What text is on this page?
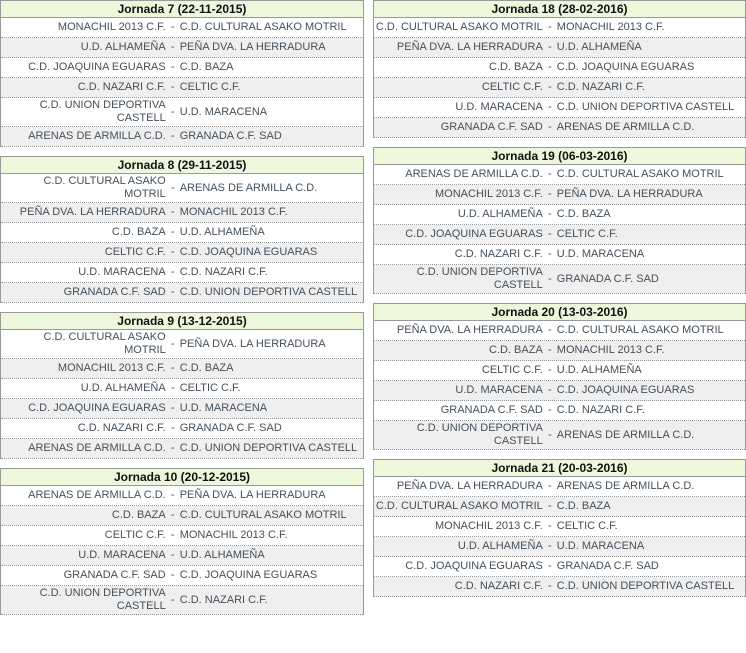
Jornada 7 (22-11-2015)
MONACHIL 2013 C.F. - C.D. CULTURAL ASAKO MOTRIL
U.D. ALHAMEÑA - PEÑA DVA. LA HERRADURA
C.D. JOAQUINA EGUARAS - C.D. BAZA
C.D. NAZARI C.F. - CELTIC C.F.
C.D. UNION DEPORTIVA CASTELL
- U.D. MARACENA
ARENAS DE ARMILLA C.D. - GRANADA C.F. SAD
Jornada 8 (29-11-2015)
C.D. CULTURAL ASAKO MOTRIL
- ARENAS DE ARMILLA C.D.
PEÑA DVA. LA HERRADURA - MONACHIL 2013 C.F.
C.D. BAZA - U.D. ALHAMEÑA
CELTIC C.F. - C.D. JOAQUINA EGUARAS
U.D. MARACENA - C.D. NAZARI C.F.
GRANADA C.F. SAD - C.D. UNION DEPORTIVA CASTELL
Jornada 9 (13-12-2015)
C.D. CULTURAL ASAKO MOTRIL
- PEÑA DVA. LA HERRADURA
MONACHIL 2013 C.F. - C.D. BAZA
U.D. ALHAMEÑA - CELTIC C.F.
C.D. JOAQUINA EGUARAS - U.D. MARACENA
C.D. NAZARI C.F. - GRANADA C.F. SAD
ARENAS DE ARMILLA C.D. - C.D. UNION DEPORTIVA CASTELL
Jornada 10 (20-12-2015)
ARENAS DE ARMILLA C.D. - PEÑA DVA. LA HERRADURA
C.D. BAZA - C.D. CULTURAL ASAKO MOTRIL
CELTIC C.F. - MONACHIL 2013 C.F.
U.D. MARACENA - U.D. ALHAMEÑA
GRANADA C.F. SAD - C.D. JOAQUINA EGUARAS
C.D. UNION DEPORTIVA CASTELL
- C.D. NAZARI C.F.
Jornada 18 (28-02-2016)
C.D. CULTURAL ASAKO MOTRIL - MONACHIL 2013 C.F.
PEÑA DVA. LA HERRADURA - U.D. ALHAMEÑA
C.D. BAZA - C.D. JOAQUINA EGUARAS
CELTIC C.F. - C.D. NAZARI C.F.
U.D. MARACENA - C.D. UNION DEPORTIVA CASTELL
GRANADA C.F. SAD - ARENAS DE ARMILLA C.D.
Jornada 19 (06-03-2016)
ARENAS DE ARMILLA C.D. - C.D. CULTURAL ASAKO MOTRIL
MONACHIL 2013 C.F. - PEÑA DVA. LA HERRADURA
U.D. ALHAMEÑA - C.D. BAZA
C.D. JOAQUINA EGUARAS - CELTIC C.F.
C.D. NAZARI C.F. - U.D. MARACENA
C.D. UNION DEPORTIVA CASTELL
- GRANADA C.F. SAD
Jornada 20 (13-03-2016)
PEÑA DVA. LA HERRADURA - C.D. CULTURAL ASAKO MOTRIL
C.D. BAZA - MONACHIL 2013 C.F.
CELTIC C.F. - U.D. ALHAMEÑA
U.D. MARACENA - C.D. JOAQUINA EGUARAS
GRANADA C.F. SAD - C.D. NAZARI C.F.
C.D. UNION DEPORTIVA CASTELL
- ARENAS DE ARMILLA C.D.
Jornada 21 (20-03-2016)
PEÑA DVA. LA HERRADURA - ARENAS DE ARMILLA C.D.
C.D. CULTURAL ASAKO MOTRIL - C.D. BAZA
MONACHIL 2013 C.F. - CELTIC C.F.
U.D. ALHAMEÑA - U.D. MARACENA
C.D. JOAQUINA EGUARAS - GRANADA C.F. SAD
C.D. NAZARI C.F. - C.D. UNION DEPORTIVA CASTELL
